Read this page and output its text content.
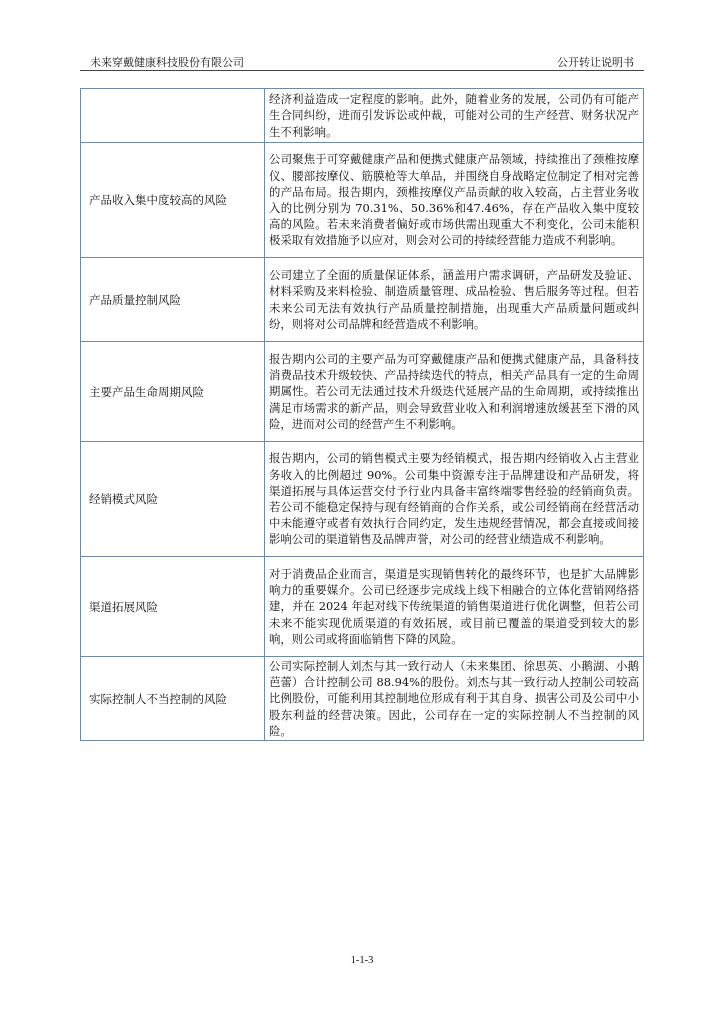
未来穿戴健康科技股份有限公司	公开转让说明书
	经济利益造成一定程度的影响。此外，随着业务的发展，公司仍有可能产生合同纠纷，进而引发诉讼或仲裁，可能对公司的生产经营、财务状况产生不利影响。
产品收入集中度较高的风险	公司聚焦于可穿戴健康产品和便携式健康产品领域，持续推出了颈椎按摩仪、腰部按摩仪、筋膜枪等大单品，并围绕自身战略定位制定了相对完善的产品布局。报告期内，颈椎按摩仪产品贡献的收入较高，占主营业务收入的比例分别为 70.31%、50.36%和47.46%，存在产品收入集中度较高的风险。若未来消费者偏好或市场供需出现重大不利变化，公司未能积极采取有效措施予以应对，则会对公司的持续经营能力造成不利影响。
产品质量控制风险	公司建立了全面的质量保证体系，涵盖用户需求调研，产品研发及验证、材料采购及来料检验、制造质量管理、成品检验、售后服务等过程。但若未来公司无法有效执行产品质量控制措施，出现重大产品质量问题或纠纷，则将对公司品牌和经营造成不利影响。
主要产品生命周期风险	报告期内公司的主要产品为可穿戴健康产品和便携式健康产品，具备科技消费品技术升级较快、产品持续迭代的特点，相关产品具有一定的生命周期属性。若公司无法通过技术升级迭代延展产品的生命周期，或持续推出满足市场需求的新产品，则会导致营业收入和利润增速放缓甚至下滑的风险，进而对公司的经营产生不利影响。
经销模式风险	报告期内，公司的销售模式主要为经销模式，报告期内经销收入占主营业务收入的比例超过 90%。公司集中资源专注于品牌建设和产品研发，将渠道拓展与具体运营交付予行业内具备丰富终端零售经验的经销商负责。若公司不能稳定保持与现有经销商的合作关系，或公司经销商在经营活动中未能遵守或者有效执行合同约定，发生违规经营情况，都会直接或间接影响公司的渠道销售及品牌声誉，对公司的经营业绩造成不利影响。
渠道拓展风险	对于消费品企业而言，渠道是实现销售转化的最终环节，也是扩大品牌影响力的重要媒介。公司已经逐步完成线上线下相融合的立体化营销网络搭建，并在 2024 年起对线下传统渠道的销售渠道进行优化调整，但若公司未来不能实现优质渠道的有效拓展，或目前已覆盖的渠道受到较大的影响，则公司或将面临销售下降的风险。
实际控制人不当控制的风险	公司实际控制人刘杰与其一致行动人（未来集团、徐思英、小鹅湖、小鹅芭蕾）合计控制公司 88.94%的股份。刘杰与其一致行动人控制公司较高比例股份，可能利用其控制地位形成有利于其自身、损害公司及公司中小股东利益的经营决策。因此，公司存在一定的实际控制人不当控制的风险。
1-1-3
